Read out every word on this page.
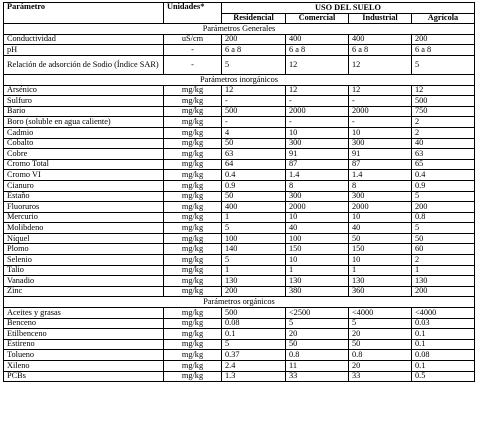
Parámetro	Unidades*	USO DEL SUELO			
		Residencial	Comercial	Industrial	Agrícola
Parámetros Generales					
Conductividad	uS/cm	200	400	400	200
pH	-	6 a 8	6 a 8	6 a 8	6 a 8
Relación de adsorción de Sodio (Índice SAR)	-	5	12	12	5
Parámetros inorgánicos					
Arsénico	mg/kg	12	12	12	12
Sulfuro	mg/kg	-	-	-	500
Bario	mg/kg	500	2000	2000	750
Boro (soluble en agua caliente)	mg/kg	-	-	-	2
Cadmio	mg/kg	4	10	10	2
Cobalto	mg/kg	50	300	300	40
Cobre	mg/kg	63	91	91	63
Cromo Total	mg/kg	64	87	87	65
Cromo VI	mg/kg	0.4	1.4	1.4	0.4
Cianuro	mg/kg	0.9	8	8	0.9
Estaño	mg/kg	50	300	300	5
Fluoruros	mg/kg	400	2000	2000	200
Mercurio	mg/kg	1	10	10	0.8
Molibdeno	mg/kg	5	40	40	5
Níquel	mg/kg	100	100	50	50
Plomo	mg/kg	140	150	150	60
Selenio	mg/kg	5	10	10	2
Talio	mg/kg	1	1	1	1
Vanadio	mg/kg	130	130	130	130
Zinc	mg/kg	200	380	360	200
Parámetros orgánicos					
Aceites y grasas	mg/kg	500	<2500	<4000	<4000
Benceno	mg/kg	0.08	5	5	0.03
Etilbenceno	mg/kg	0.1	20	20	0.1
Estireno	mg/kg	5	50	50	0.1
Tolueno	mg/kg	0.37	0.8	0.8	0.08
Xileno	mg/kg	2.4	11	20	0.1
PCBs	mg/kg	1.3	33	33	0.5
